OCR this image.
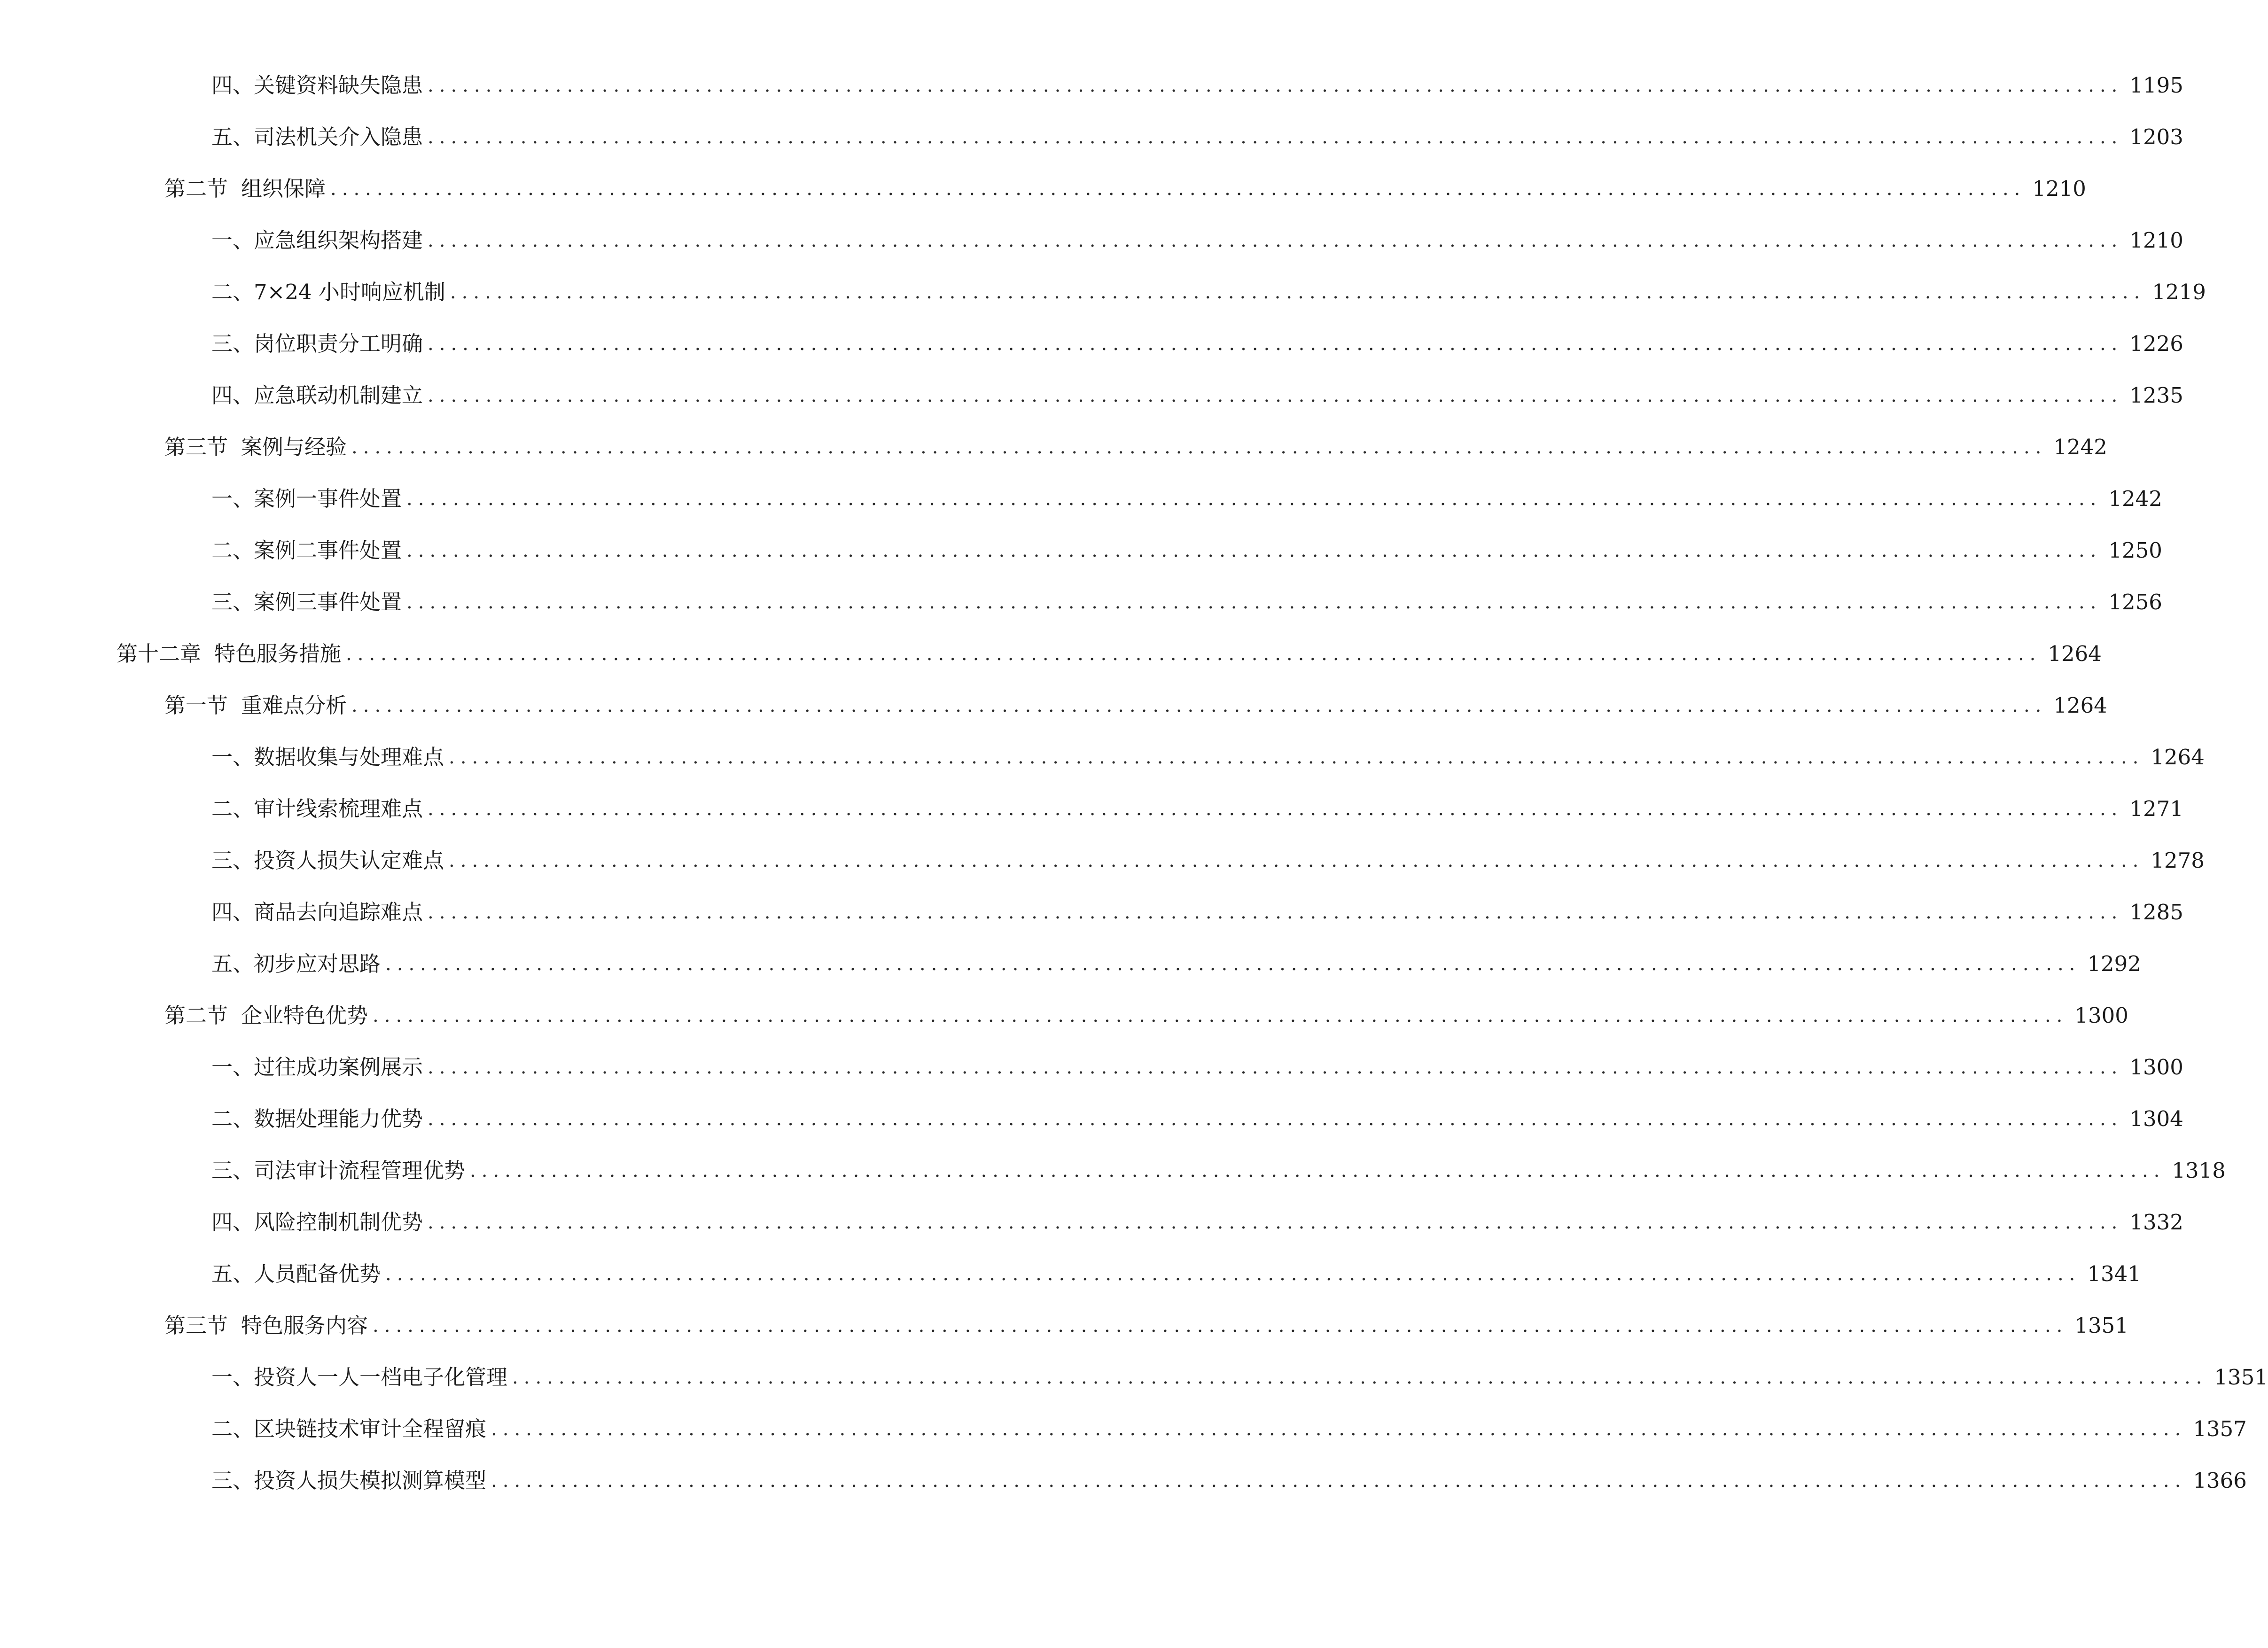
四、 关键资料缺失隐患 .................................................................................................................................................. 1195
五、 司法机关介入隐患 .................................................................................................................................................. 1203
第二节 组织保障 .................................................................................................................................................. 1210
一、 应急组织架构搭建 .................................................................................................................................................. 1210
二、 7×24 小时响应机制 .................................................................................................................................................. 1219
三、 岗位职责分工明确 .................................................................................................................................................. 1226
四、 应急联动机制建立 .................................................................................................................................................. 1235
第三节 案例与经验 .................................................................................................................................................. 1242
一、 案例一事件处置 .................................................................................................................................................. 1242
二、 案例二事件处置 .................................................................................................................................................. 1250
三、 案例三事件处置 .................................................................................................................................................. 1256
第十二章 特色服务措施 .................................................................................................................................................. 1264
第一节 重难点分析 .................................................................................................................................................. 1264
一、 数据收集与处理难点 .................................................................................................................................................. 1264
二、 审计线索梳理难点 .................................................................................................................................................. 1271
三、 投资人损失认定难点 .................................................................................................................................................. 1278
四、 商品去向追踪难点 .................................................................................................................................................. 1285
五、 初步应对思路 .................................................................................................................................................. 1292
第二节 企业特色优势 .................................................................................................................................................. 1300
一、 过往成功案例展示 .................................................................................................................................................. 1300
二、 数据处理能力优势 .................................................................................................................................................. 1304
三、 司法审计流程管理优势 .................................................................................................................................................. 1318
四、 风险控制机制优势 .................................................................................................................................................. 1332
五、 人员配备优势 .................................................................................................................................................. 1341
第三节 特色服务内容 .................................................................................................................................................. 1351
一、 投资人一人一档电子化管理 .................................................................................................................................................. 1351
二、 区块链技术审计全程留痕 .................................................................................................................................................. 1357
三、 投资人损失模拟测算模型 .................................................................................................................................................. 1366
